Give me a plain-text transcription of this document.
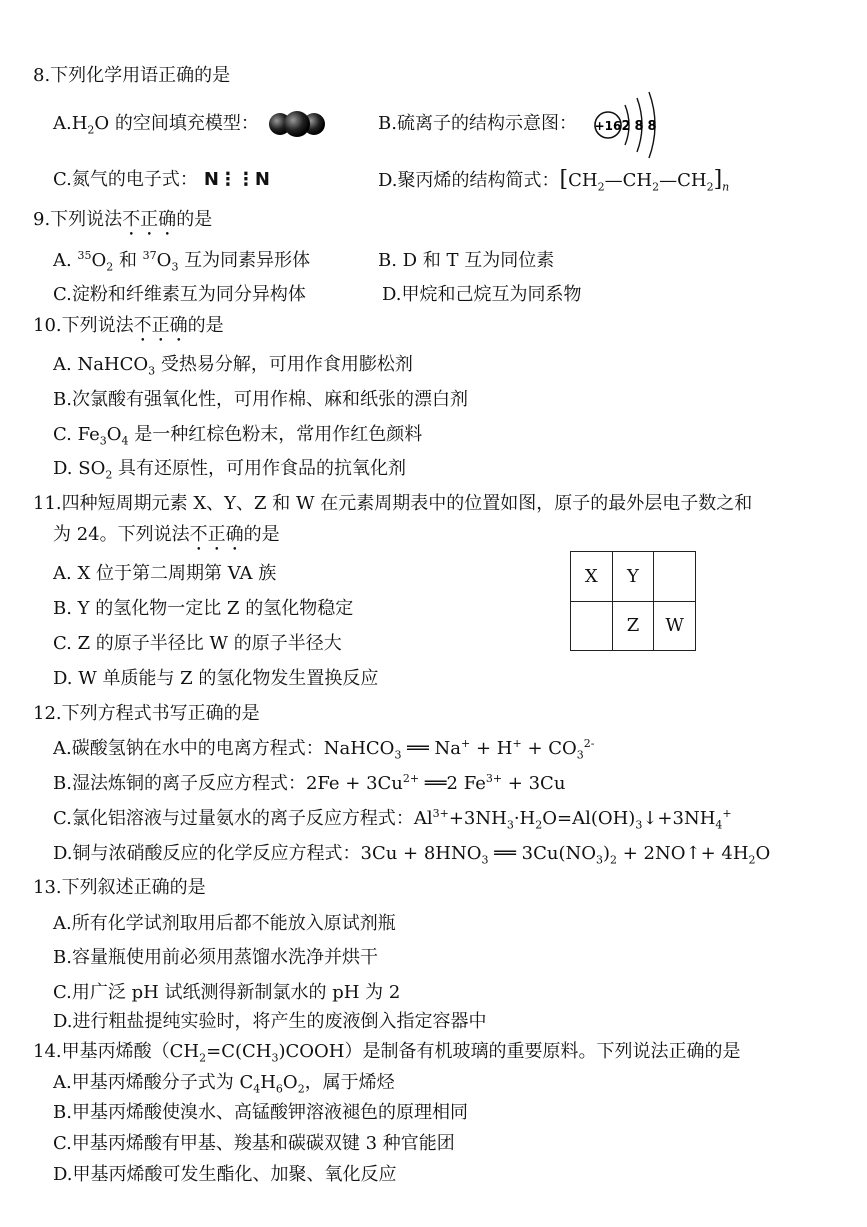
8.下列化学用语正确的是
$A.H_2O$ 的空间填充模型：	B.硫离子的结构示意图： +16 2 8 8
C.氮气的电子式： N⋮⋮N	D.聚丙烯的结构简式：$[CH_2—CH_2—CH_2]_n$
9.下列说法不正确的是
A. $^{35}O_2$ 和 $^{37}O_3$ 互为同素异形体	B. D 和 T 互为同位素
C.淀粉和纤维素互为同分异构体	D.甲烷和己烷互为同系物
10.下列说法不正确的是
A. NaHCO$_3$ 受热易分解，可用作食用膨松剂
B.次氯酸有强氧化性，可用作棉、麻和纸张的漂白剂
C. $Fe_3O_4$ 是一种红棕色粉末，常用作红色颜料
D. $SO_2$ 具有还原性，可用作食品的抗氧化剂
11.四种短周期元素 X、Y、Z 和 W 在元素周期表中的位置如图，原子的最外层电子数之和
为 24。下列说法不正确的是
A. X 位于第二周期第 VA 族
B. Y 的氢化物一定比 Z 的氢化物稳定
C. Z 的原子半径比 W 的原子半径大
D. W 单质能与 Z 的氢化物发生置换反应
X	Y	
	Z	W
12.下列方程式书写正确的是
A.碳酸氢钠在水中的电离方程式：NaHCO$_3$ ══ $Na^+ + H^+ + CO_3^{2-}$
B.湿法炼铜的离子反应方程式：$2Fe + 3Cu^{2+}$ ══2 $Fe^{3+} + 3Cu$
C.氯化铝溶液与过量氨水的离子反应方程式：$Al^{3+}+3NH_3\cdot H_2O=Al(OH)_3↓+3NH_4^+$
D.铜与浓硝酸反应的化学反应方程式：$3Cu + 8HNO_3$ ══ $3Cu(NO_3)_2$ + 2NO↑+ $4H_2O$
13.下列叙述正确的是
A.所有化学试剂取用后都不能放入原试剂瓶
B.容量瓶使用前必须用蒸馏水洗净并烘干
C.用广泛 pH 试纸测得新制氯水的 pH 为 2
D.进行粗盐提纯实验时，将产生的废液倒入指定容器中
14.甲基丙烯酸$(CH_2=C(CH_3)COOH)$是制备有机玻璃的重要原料。下列说法正确的是
A.甲基丙烯酸分子式为 $C_4H_6O_2$，属于烯烃
B.甲基丙烯酸使溴水、高锰酸钾溶液褪色的原理相同
C.甲基丙烯酸有甲基、羧基和碳碳双键 3 种官能团
D.甲基丙烯酸可发生酯化、加聚、氧化反应
